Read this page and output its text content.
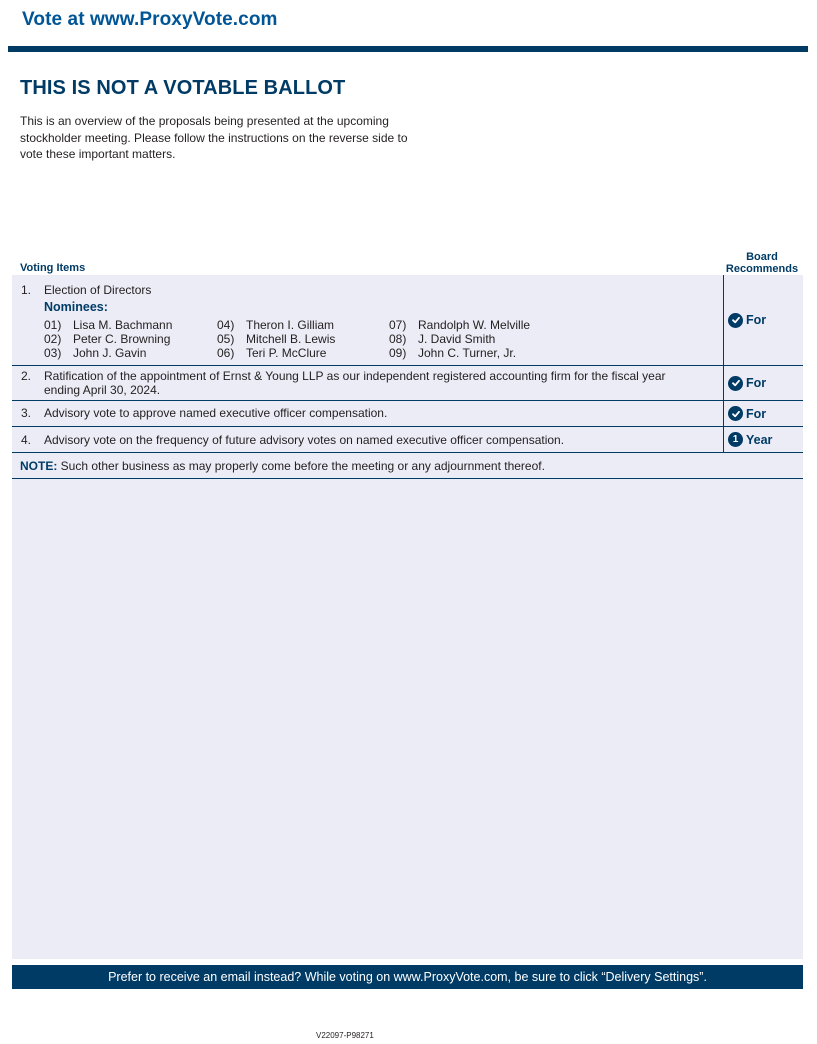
Vote at www.ProxyVote.com
THIS IS NOT A VOTABLE BALLOT

This is an overview of the proposals being presented at the upcoming stockholder meeting. Please follow the instructions on the reverse side to vote these important matters.

Voting Items
Board
Recommends
1. Election of Directors
Nominees:
01) Lisa M. Bachmann
02) Peter C. Browning
03) John J. Gavin
04) Theron I. Gilliam
05) Mitchell B. Lewis
06) Teri P. McClure
07) Randolph W. Melville
08) J. David Smith
09) John C. Turner, Jr.
For
2. Ratification of the appointment of Ernst & Young LLP as our independent registered accounting firm for the fiscal year
ending April 30, 2024.	For
3. Advisory vote to approve named executive officer compensation.	For
4. Advisory vote on the frequency of future advisory votes on named executive officer compensation.	1 Year
NOTE: Such other business as may properly come before the meeting or any adjournment thereof.
Prefer to receive an email instead? While voting on www.ProxyVote.com, be sure to click “Delivery Settings”.
V22097-P98271
